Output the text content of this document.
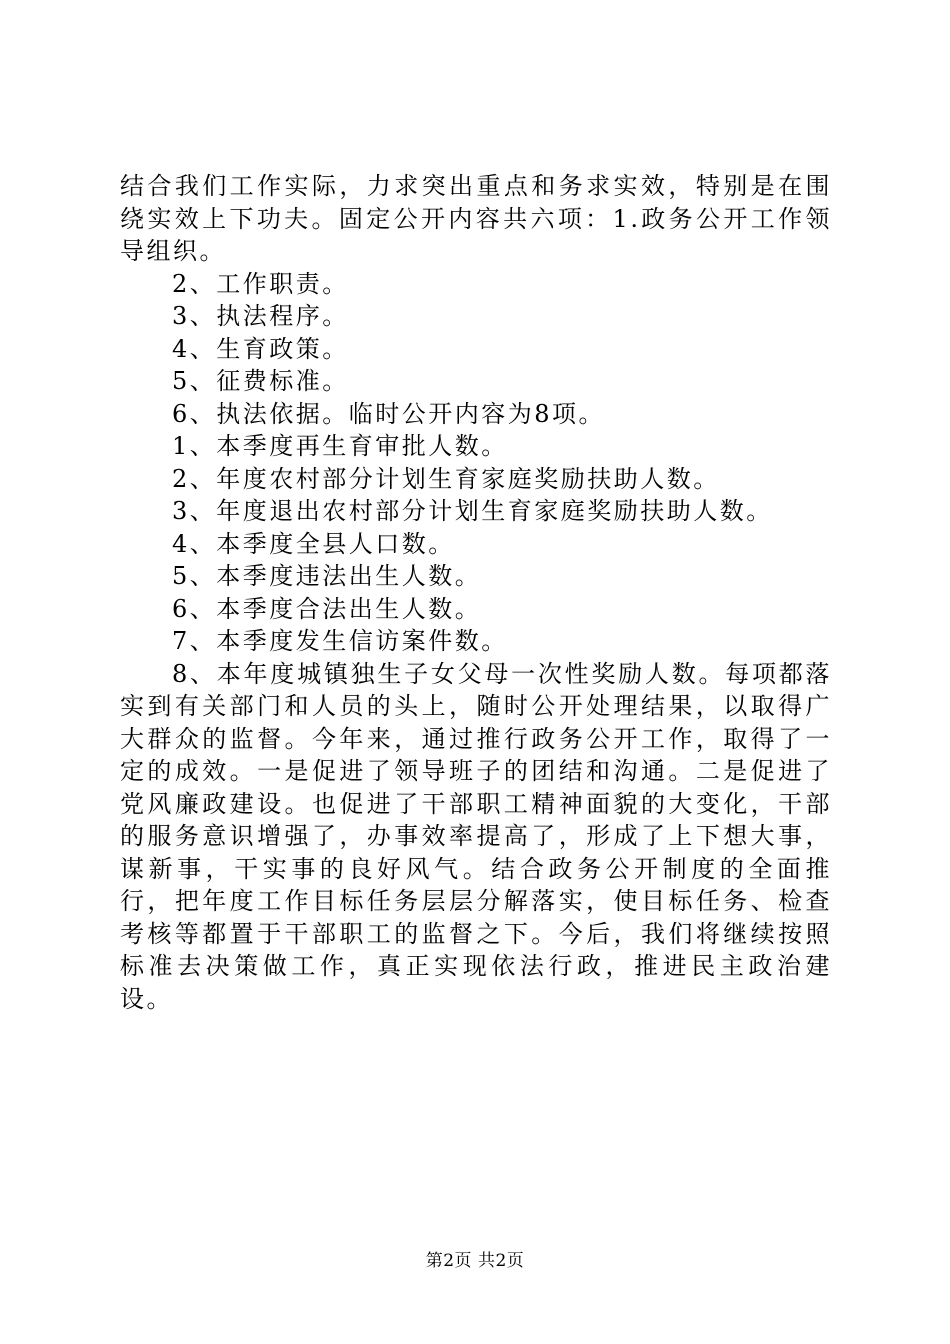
结合我们工作实际，力求突出重点和务求实效，特别是在围绕实效上下功夫。固定公开内容共六项：1.政务公开工作领导组织。

2、工作职责。

3、执法程序。

4、生育政策。

5、征费标准。

6、执法依据。临时公开内容为8项。

1、本季度再生育审批人数。

2、年度农村部分计划生育家庭奖励扶助人数。

3、年度退出农村部分计划生育家庭奖励扶助人数。

4、本季度全县人口数。

5、本季度违法出生人数。

6、本季度合法出生人数。

7、本季度发生信访案件数。

8、本年度城镇独生子女父母一次性奖励人数。每项都落实到有关部门和人员的头上，随时公开处理结果，以取得广大群众的监督。今年来，通过推行政务公开工作，取得了一定的成效。一是促进了领导班子的团结和沟通。二是促进了党风廉政建设。也促进了干部职工精神面貌的大变化，干部的服务意识增强了，办事效率提高了，形成了上下想大事，谋新事，干实事的良好风气。结合政务公开制度的全面推行，把年度工作目标任务层层分解落实，使目标任务、检查考核等都置于干部职工的监督之下。今后，我们将继续按照标准去决策做工作，真正实现依法行政，推进民主政治建设。

第2页 共2页
